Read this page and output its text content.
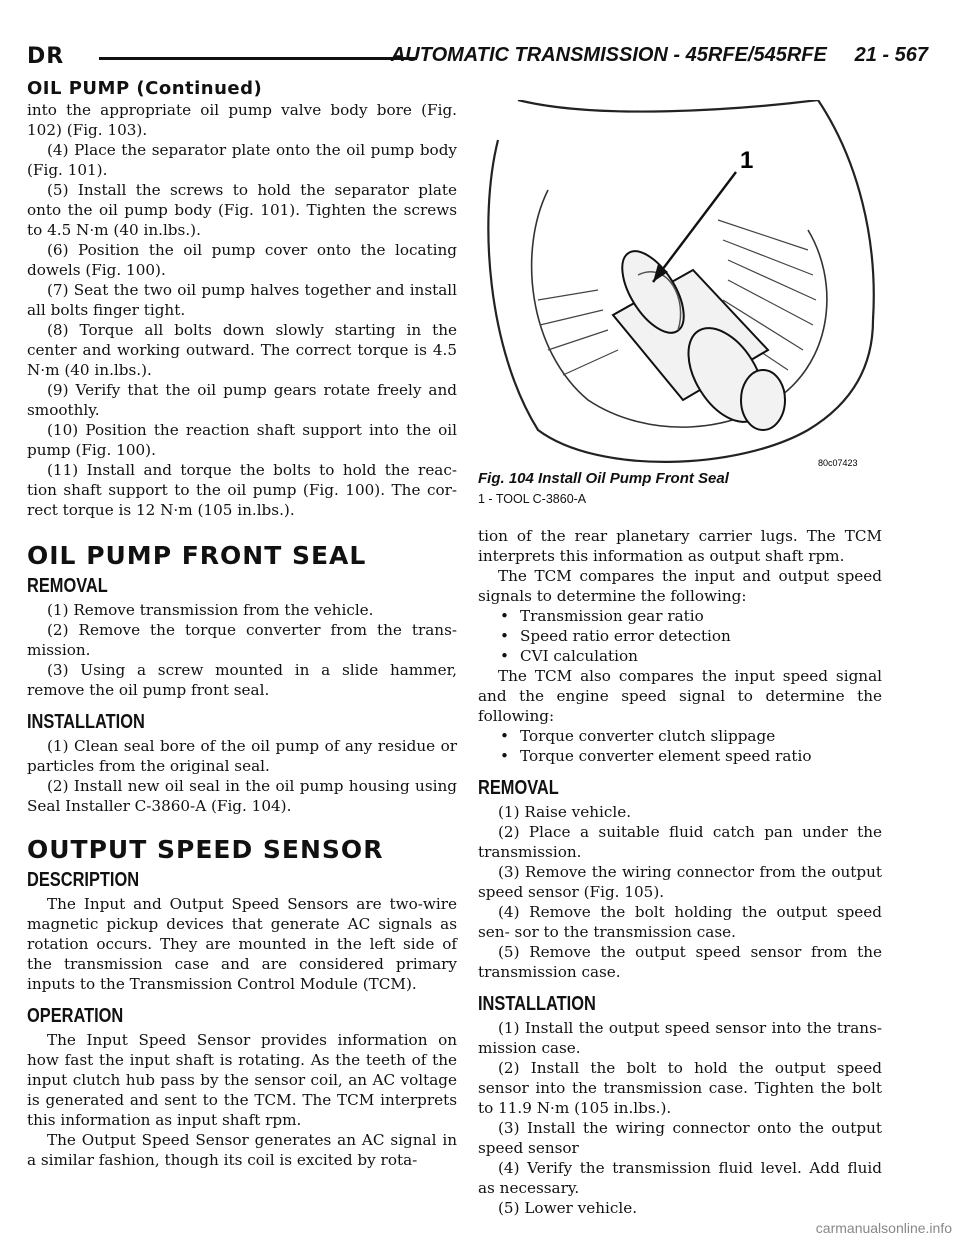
DR	AUTOMATIC TRANSMISSION - 45RFE/545RFE     21 - 567
OIL PUMP (Continued)

into the appropriate oil pump valve body bore (Fig. 102) (Fig. 103).

(4) Place the separator plate onto the oil pump body (Fig. 101).

(5) Install the screws to hold the separator plate onto the oil pump body (Fig. 101). Tighten the screws to 4.5 N·m (40 in.lbs.).

(6) Position the oil pump cover onto the locating dowels (Fig. 100).

(7) Seat the two oil pump halves together and install all bolts finger tight.

(8) Torque all bolts down slowly starting in the center and working outward. The correct torque is 4.5 N·m (40 in.lbs.).

(9) Verify that the oil pump gears rotate freely and smoothly.

(10) Position the reaction shaft support into the oil pump (Fig. 100).

(11) Install and torque the bolts to hold the reac- tion shaft support to the oil pump (Fig. 100). The cor- rect torque is 12 N·m (105 in.lbs.).

OIL PUMP FRONT SEAL
REMOVAL

(1) Remove transmission from the vehicle.

(2) Remove the torque converter from the trans- mission.

(3) Using a screw mounted in a slide hammer, remove the oil pump front seal.

INSTALLATION

(1) Clean seal bore of the oil pump of any residue or particles from the original seal.

(2) Install new oil seal in the oil pump housing using Seal Installer C-3860-A (Fig. 104).

OUTPUT SPEED SENSOR
DESCRIPTION

The Input and Output Speed Sensors are two-wire magnetic pickup devices that generate AC signals as rotation occurs. They are mounted in the left side of the transmission case and are considered primary inputs to the Transmission Control Module (TCM).

OPERATION

The Input Speed Sensor provides information on how fast the input shaft is rotating. As the teeth of the input clutch hub pass by the sensor coil, an AC voltage is generated and sent to the TCM. The TCM interprets this information as input shaft rpm.

The Output Speed Sensor generates an AC signal in a similar fashion, though its coil is excited by rota-

1
80c07423
Fig. 104 Install Oil Pump Front Seal
1 - TOOL C-3860-A

tion of the rear planetary carrier lugs. The TCM interprets this information as output shaft rpm.

The TCM compares the input and output speed signals to determine the following:

• Transmission gear ratio

• Speed ratio error detection

• CVI calculation

The TCM also compares the input speed signal and the engine speed signal to determine the following:

• Torque converter clutch slippage

• Torque converter element speed ratio

REMOVAL

(1) Raise vehicle.

(2) Place a suitable fluid catch pan under the transmission.

(3) Remove the wiring connector from the output speed sensor (Fig. 105).

(4) Remove the bolt holding the output speed sen- sor to the transmission case.

(5) Remove the output speed sensor from the transmission case.

INSTALLATION

(1) Install the output speed sensor into the trans- mission case.

(2) Install the bolt to hold the output speed sensor into the transmission case. Tighten the bolt to 11.9 N·m (105 in.lbs.).

(3) Install the wiring connector onto the output speed sensor

(4) Verify the transmission fluid level. Add fluid as necessary.

(5) Lower vehicle.

carmanualsonline.info
